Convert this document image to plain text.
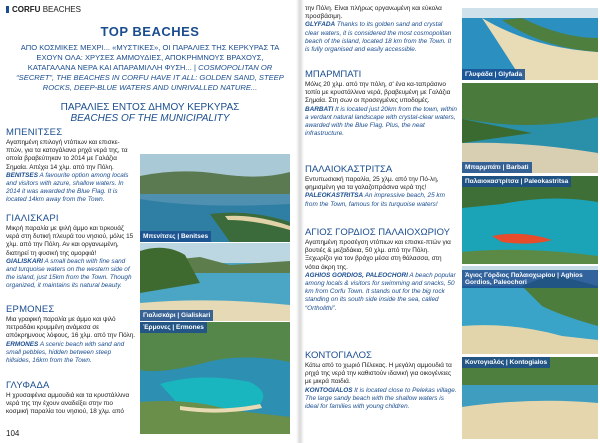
CORFU BEACHES
TOP BEACHES
ΑΠΟ ΚΟΣΜΙΚΕΣ ΜΕΧΡΙ... «ΜΥΣΤΙΚΕΣ», ΟΙ ΠΑΡΑΛΙΕΣ ΤΗΣ ΚΕΡΚΥΡΑΣ ΤΑ ΕΧΟΥΝ ΟΛΑ: ΧΡΥΣΕΣ ΑΜΜΟΥΔΙΕΣ, ΑΠΟΚΡΗΜΝΟΥΣ ΒΡΑΧΟΥΣ, ΚΑΤΑΓΑΛΑΝΑ ΝΕΡΑ ΚΑΙ ΑΠΑΡΑΜΙΛΛΗ ΦΥΣΗ... | COSMOPOLITAN OR “SECRET”, THE BEACHES IN CORFU HAVE IT ALL: GOLDEN SAND, STEEP ROCKS, DEEP-BLUE WATERS AND UNRIVALLED NATURE...
ΠΑΡΑΛΙΕΣ ΕΝΤΟΣ ΔΗΜΟΥ ΚΕΡΚΥΡΑΣ
BEACHES OF THE MUNICIPALITY
ΜΠΕΝΙΤΣΕΣ
Αγαπημένη επιλογή ντόπιων και επισκε-πτών, για τα κατογάλανα ρηχά νερά της, τα οποία βραβεύτηκαν το 2014 με Γαλάζια Σημαία. Απέχει 14 χλμ. από την Πόλη.
BENITSES A favourite option among locals and visitors with azure, shallow waters. In 2014 it was awarded the Blue Flag. It is located 14km away from the Town.
ΓΙΑΛΙΣΚΑΡΙ
Μικρή παραλία με ψιλή άμμο και τιρκουάζ νερά στη δυτική πλευρά του νησιού, μόλις 15 χλμ. από την Πόλη. Αν και οργανωμένη, διατηρεί τη φυσική της ομορφιά!
GIALISKARI A small beach with fine sand and turquoise waters on the western side of the island, just 15km from the Town. Though organized, it maintains its natural beauty.
ΕΡΜΟΝΕΣ
Μια γραφική παραλία με άμμο και ψιλό πετραδάκι κρυμμένη ανάμεσα σε απόκρημνους λόφους, 16 χλμ. από την Πόλη.
ERMONES A scenic beach with sand and small pebbles, hidden between steep hillsides, 16km from the Town.
ΓΛΥΦΑΔΑ
Η χρυσαφένια αμμουδιά και τα κρυστάλλινα νερά της την έχουν αναδείξει στην πιο κοσμική παραλία του νησιού, 18 χλμ. από
Μπενίτσες | Benitses
Γιαλισκάρι | Gialiskari
Έρμονες | Ermones
104
την Πόλη. Είναι πλήρως οργανωμένη και εύκολα προσβάσιμη.
GLYFADA Thanks to its golden sand and crystal clear waters, it is considered the most cosmopolitan beach of the island, located 18 km from the Town. It is fully organised and easily accessible.
ΜΠΑΡΜΠΑΤΙ
Μόλις 20 χλμ. από την πόλη, σ' ένα κα-ταπράσινο τοπίο με κρυστάλλινα νερά, βραβευμένη με Γαλάζια Σημαία. Στη σων οι προσεγμένες υποδομές.
BARBATI It is located just 20km from the town, within a verdant natural landscape with crystal-clear waters, awarded with the Blue Flag. Plus, the neat infrastructure.
ΠΑΛΑΙΟΚΑΣΤΡΙΤΣΑ
Εντυπωσιακή παραλία, 25 χλμ. από την Πό-λη, φημισμένη για τα γαλαζοπράσινα νερά της!
PALEOKASTRITSA An impressive beach, 25 km from the Town, famous for its turquoise waters!
ΑΓΙΟΣ ΓΟΡΔΙΟΣ ΠΑΛΑΙΟΧΩΡΙΟΥ
Αγαπημένη προσέγση ντόπιων και επισκε-πτών για βουτιές & μεζαδάκια, 50 χλμ. από την Πόλη. Ξεχωρίζει για τον βράχο μέσα στη θάλασσα, στη νότια άκρη της.
AGHIOS GORDIOS, PALEOCHORI A beach popular among locals & visitors for swimming and snacks, 50 km from Corfu Town. It stands out for the big rock standing on its south side inside the sea, called “Ortholithi”.
ΚΟΝΤΟΓΙΑΛΟΣ
Κάτω από το χωριό Πέλεκας. Η μεγάλη αμμουδιά τα ρηχά της νερά την καθιστούν ιδανική για οικογένειες με μικρά παιδιά.
KONTOGIALOS It is located close to Pelekas village. The large sandy beach with the shallow waters is ideal for families with young children.
Γλυφάδα | Glyfada
Μπαρμπάτι | Barbati
Παλαιοκαστρίτσα | Paleokastritsa
Άγιος Γόρδιος Παλαιοχωρίου | Aghios Gordios, Paleochori
Κοντογιαλός | Kontogialos
